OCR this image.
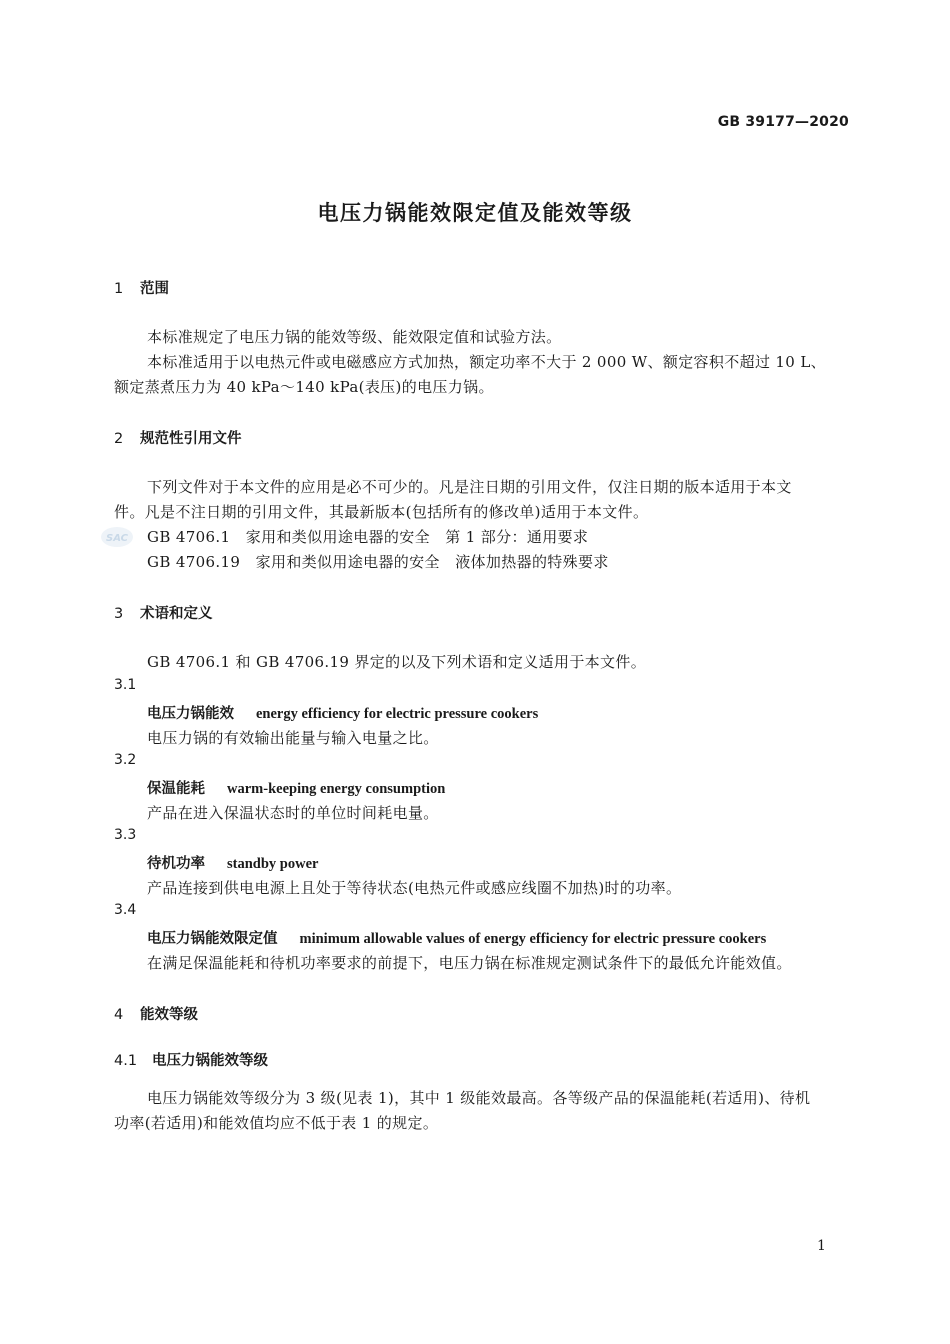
GB 39177—2020
电压力锅能效限定值及能效等级
1 范围
本标准规定了电压力锅的能效等级、能效限定值和试验方法。
本标准适用于以电热元件或电磁感应方式加热，额定功率不大于 2 000 W、额定容积不超过 10 L、
额定蒸煮压力为 40 kPa～140 kPa(表压)的电压力锅。
2 规范性引用文件
下列文件对于本文件的应用是必不可少的。凡是注日期的引用文件，仅注日期的版本适用于本文
件。凡是不注日期的引用文件，其最新版本(包括所有的修改单)适用于本文件。
SAC GB 4706.1　家用和类似用途电器的安全　第 1 部分：通用要求
GB 4706.19　家用和类似用途电器的安全　液体加热器的特殊要求
3 术语和定义
GB 4706.1 和 GB 4706.19 界定的以及下列术语和定义适用于本文件。
3.1
电压力锅能效 energy efficiency for electric pressure cookers
电压力锅的有效输出能量与输入电量之比。
3.2
保温能耗 warm-keeping energy consumption
产品在进入保温状态时的单位时间耗电量。
3.3
待机功率 standby power
产品连接到供电电源上且处于等待状态(电热元件或感应线圈不加热)时的功率。
3.4
电压力锅能效限定值 minimum allowable values of energy efficiency for electric pressure cookers
在满足保温能耗和待机功率要求的前提下，电压力锅在标准规定测试条件下的最低允许能效值。
4 能效等级
4.1 电压力锅能效等级
电压力锅能效等级分为 3 级(见表 1)，其中 1 级能效最高。各等级产品的保温能耗(若适用)、待机
功率(若适用)和能效值均应不低于表 1 的规定。
1
